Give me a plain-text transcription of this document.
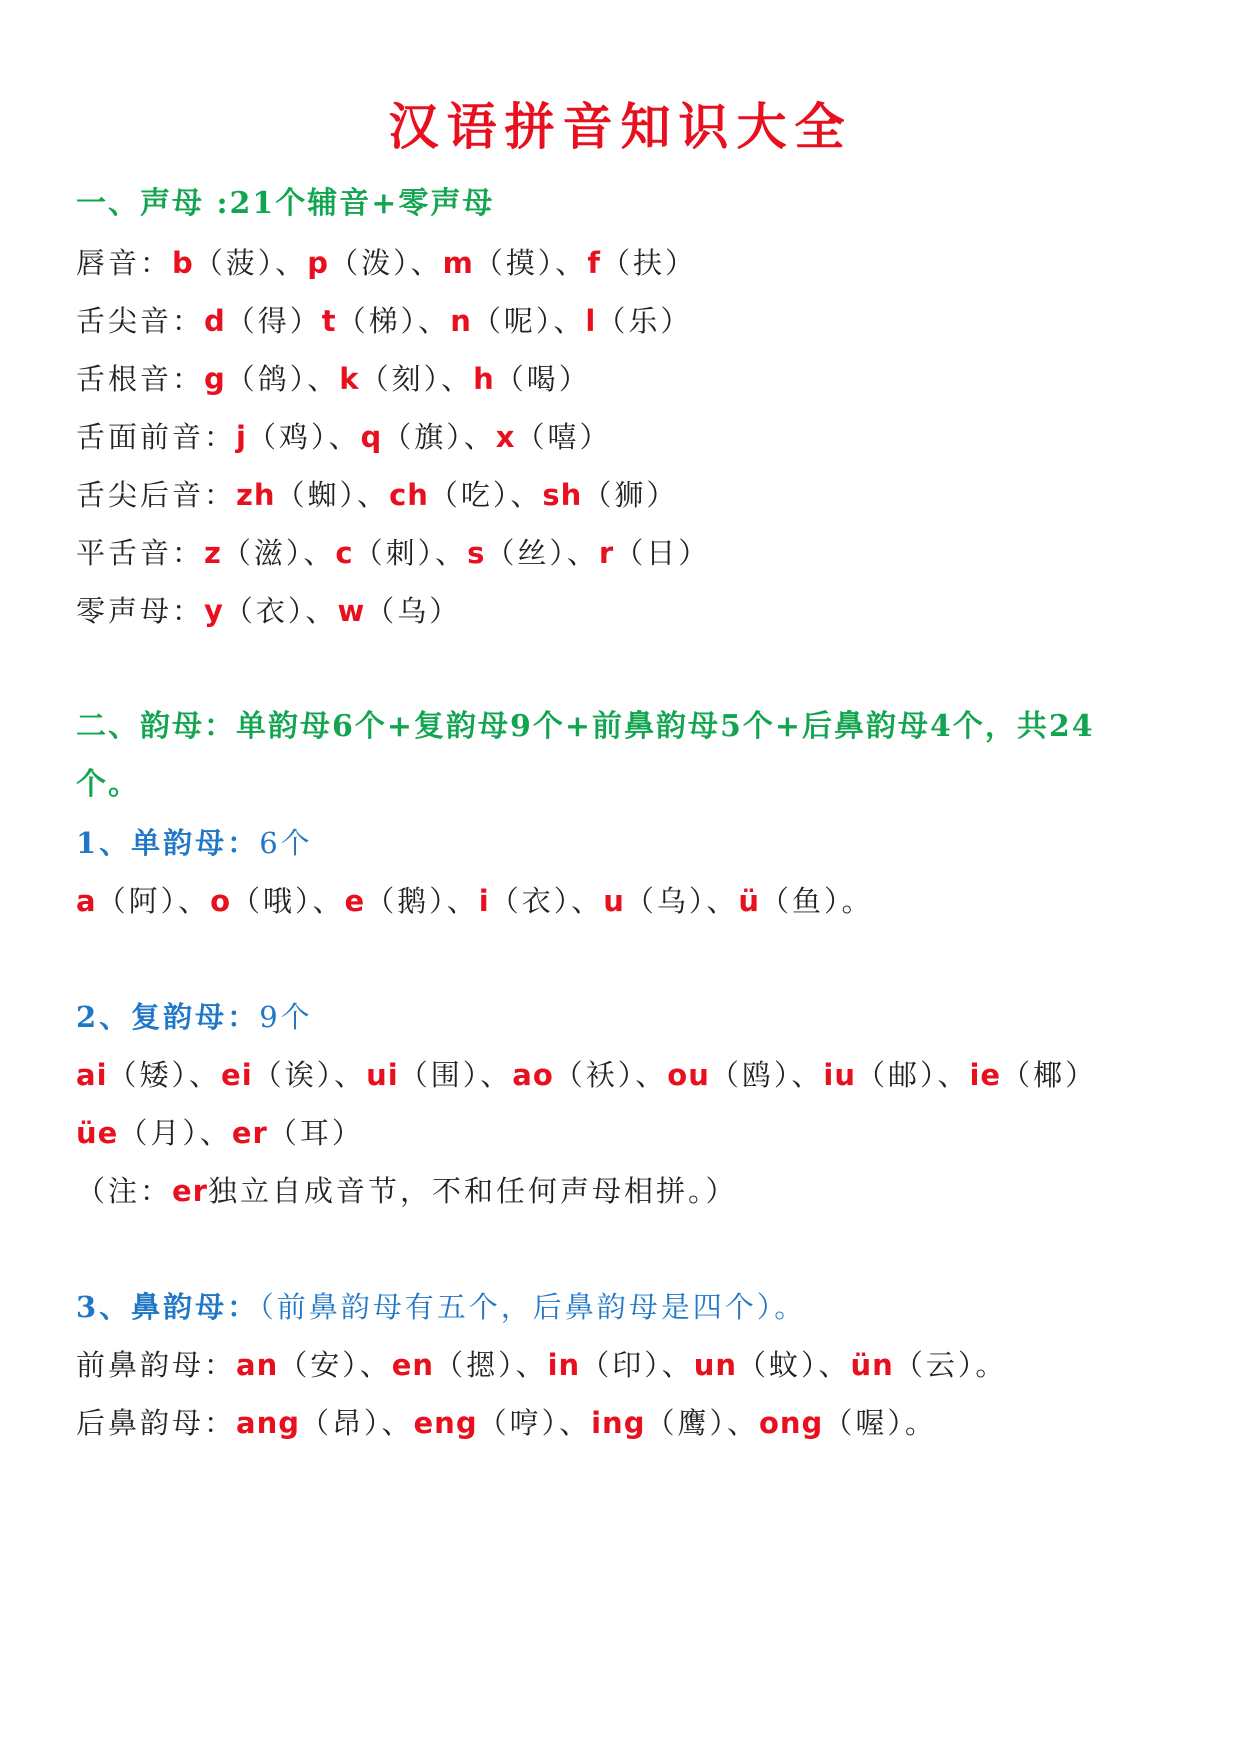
汉语拼音知识大全
一、声母 :21个辅音+零声母
唇音：b（菠）、p（泼）、m（摸）、f（扶）
舌尖音：d（得）t（梯）、n（呢）、l（乐）
舌根音：g（鸽）、k（刻）、h（喝）
舌面前音：j（鸡）、q（旗）、x（嘻）
舌尖后音：zh（蜘）、ch（吃）、sh（狮）
平舌音：z（滋）、c（刺）、s（丝）、r（日）
零声母：y（衣）、w（乌）
二、韵母：单韵母6个+复韵母9个+前鼻韵母5个+后鼻韵母4个，共24
个。
1、单韵母：6个
a（阿）、o（哦）、e（鹅）、i（衣）、u（乌）、ü（鱼）。
2、复韵母：9个
ai（矮）、ei（诶）、ui（围）、ao（袄）、ou（鸥）、iu（邮）、ie（椰）
üe（月）、er（耳）
（注：er独立自成音节，不和任何声母相拼。）
3、鼻韵母：（前鼻韵母有五个，后鼻韵母是四个）。
前鼻韵母：an（安）、en（摁）、in（印）、un（蚊）、ün（云）。
后鼻韵母：ang（昂）、eng（哼）、ing（鹰）、ong（喔）。
